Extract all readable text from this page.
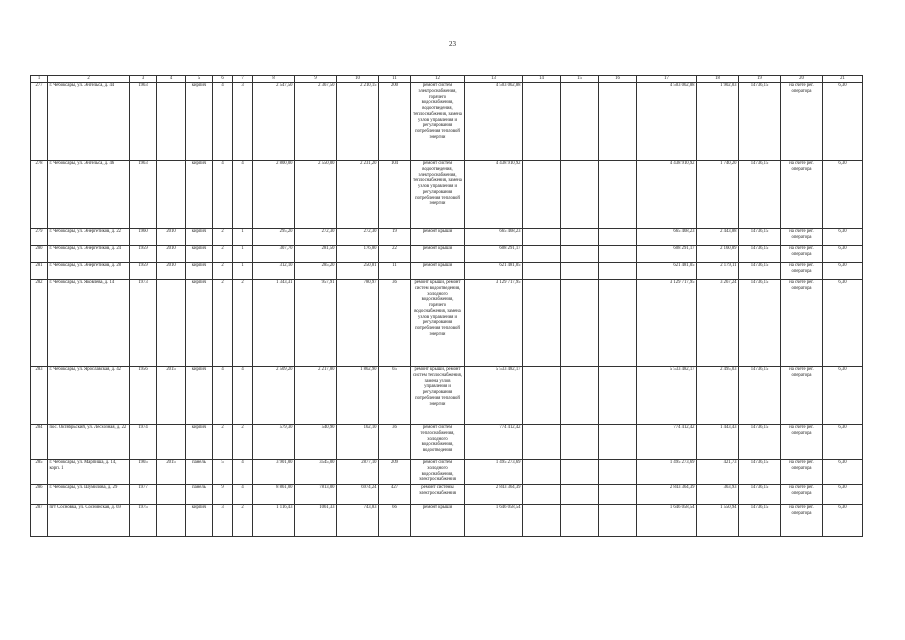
23
1	2	3	4	5	6	7	8	9	10	11	12	13	14	15	16	17	18	19	20	21
277	г. Чебоксары, ул. Энгельса, д. 44	1963		кирпич	4	3	2 547,50	2 367,50	2 210,15	200	ремонт систем электроснабжения, горячего водоснабжения, водоотведения, теплоснабжения, замена узлов управления и регулирования потребления тепловой энергии	4 503 062,88				4 503 062,88	1 902,03	14736,15	на счете рег. оператора	6,30
278	г. Чебоксары, ул. Энгельса, д. 46	1963		кирпич	4	4	2 800,00	2 550,00	2 231,20	104	ремонт систем водоотведения, электроснабжения, теплоснабжения, замена узлов управления и регулирования потребления тепловой энергии	4 438 910,92				4 438 910,92	1 740,20	14736,15	на счете рег. оператора	6,30
279	г. Чебоксары, ул. Энергетиков, д. 22	1960	2010	кирпич	2	1	295,20	272,30	272,30	19	ремонт крыши	665 468,23				665 468,23	2 443,88	14736,15	на счете рег. оператора	6,30
280	г. Чебоксары, ул. Энергетиков, д. 24	1959	2010	кирпич	2	1	307,70	281,50	176,80	22	ремонт крыши	608 291,17				608 291,17	2 160,89	14736,15	на счете рег. оператора	6,30
281	г. Чебоксары, ул. Энергетиков, д. 28	1959	2010	кирпич	2	1	312,10	285,20	250,81	11	ремонт крыши	621 481,05				621 481,05	2 179,11	14736,15	на счете рег. оператора	6,30
282	г. Чебоксары, ул. Яковлева, д. 14	1973		кирпич	2	2	1 343,31	957,91	780,97	36	ремонт крыши, ремонт систем водоотведения, холодного водоснабжения, горячего водоснабжения, замена узлов управления и регулирования потребления тепловой энергии	3 129 717,95				3 129 717,95	3 267,24	14736,15	на счете рег. оператора	6,30
283	г. Чебоксары, ул. Ярославская, д. 42	1956	2015	кирпич	4	4	2 509,20	2 217,80	1 862,90	65	ремонт крыши, ремонт систем теплоснабжения, замена узлов управления и регулирования потребления тепловой энергии	5 533 482,17				5 533 482,17	2 495,03	14736,15	на счете рег. оператора	6,30
284	пос. Октябрьский, ул. Лесхозная, д. 22	1974		кирпич	2	2	579,30	540,90	162,10	36	ремонт систем теплоснабжения, холодного водоснабжения, водоотведения	774 412,42				774 412,42	1 443,43	14736,15	на счете рег. оператора	6,30
285	г. Чебоксары, ул. Марпиша, д. 14, корп. 1	1965	2015	панель	5	4	3 901,00	3545,00	2877,10	209	ремонт систем холодного водоснабжения, электроснабжения	1 495 273,69				1 495 273,69	421,73	14736,15	на счете рег. оператора	6,30
286	г. Чебоксары, ул. Шумилова, д. 29	1977		панель	9	4	8 861,00	7813,00	6974,24	427	ремонт системы электроснабжения	2 843 364,39				2 843 364,39	363,93	14736,15	на счете рег. оператора	6,30
287	пгт Сосновка, ул. Соснинская, д. 69	1975		кирпич	3	2	1 116,43	1061,33	743,83	66	ремонт крыши	1 646 058,54				1 646 058,54	1 550,94	14736,15	на счете рег. оператора	6,30
